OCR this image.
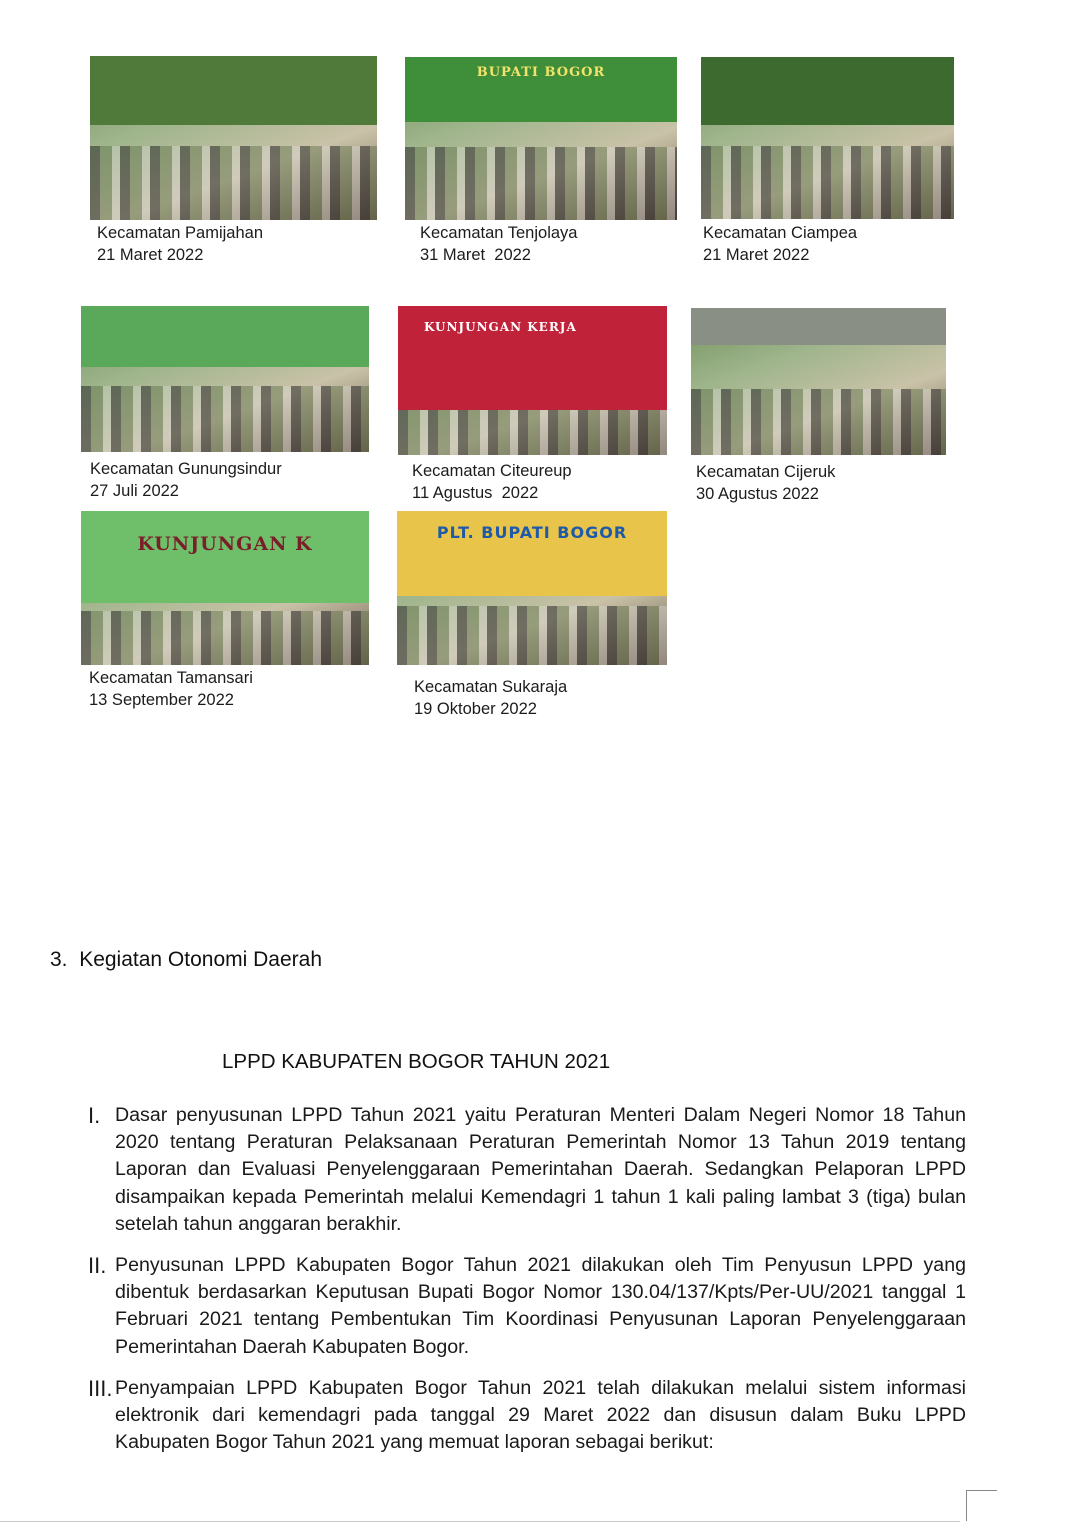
BUPATI BOGOR
Kecamatan Pamijahan
21 Maret 2022
Kecamatan Tenjolaya
31 Maret  2022
Kecamatan Ciampea
21 Maret 2022
KUNJUNGAN KERJA
Kecamatan Gunungsindur
27 Juli 2022
Kecamatan Citeureup
11 Agustus  2022
Kecamatan Cijeruk
30 Agustus 2022
KUNJUNGAN K
PLT. BUPATI BOGOR
Kecamatan Tamansari
13 September 2022
Kecamatan Sukaraja
19 Oktober 2022
3. Kegiatan Otonomi Daerah
LPPD KABUPATEN BOGOR TAHUN 2021
I. Dasar penyusunan LPPD Tahun 2021 yaitu Peraturan Menteri Dalam Negeri Nomor 18 Tahun 2020 tentang Peraturan Pelaksanaan Peraturan Pemerintah Nomor 13 Tahun 2019 tentang Laporan dan Evaluasi Penyelenggaraan Pemerintahan Daerah. Sedangkan Pelaporan LPPD disampaikan kepada Pemerintah melalui Kemendagri 1 tahun 1 kali paling lambat 3 (tiga) bulan setelah tahun anggaran berakhir.
II. Penyusunan LPPD Kabupaten Bogor Tahun 2021 dilakukan oleh Tim Penyusun LPPD yang dibentuk berdasarkan Keputusan Bupati Bogor Nomor 130.04/137/Kpts/Per-UU/2021 tanggal 1 Februari 2021 tentang Pembentukan Tim Koordinasi Penyusunan Laporan Penyelenggaraan Pemerintahan Daerah Kabupaten Bogor.
III. Penyampaian LPPD Kabupaten Bogor Tahun 2021 telah dilakukan melalui sistem informasi elektronik dari kemendagri pada tanggal 29 Maret 2022 dan disusun dalam Buku LPPD Kabupaten Bogor Tahun 2021 yang memuat laporan sebagai berikut:
